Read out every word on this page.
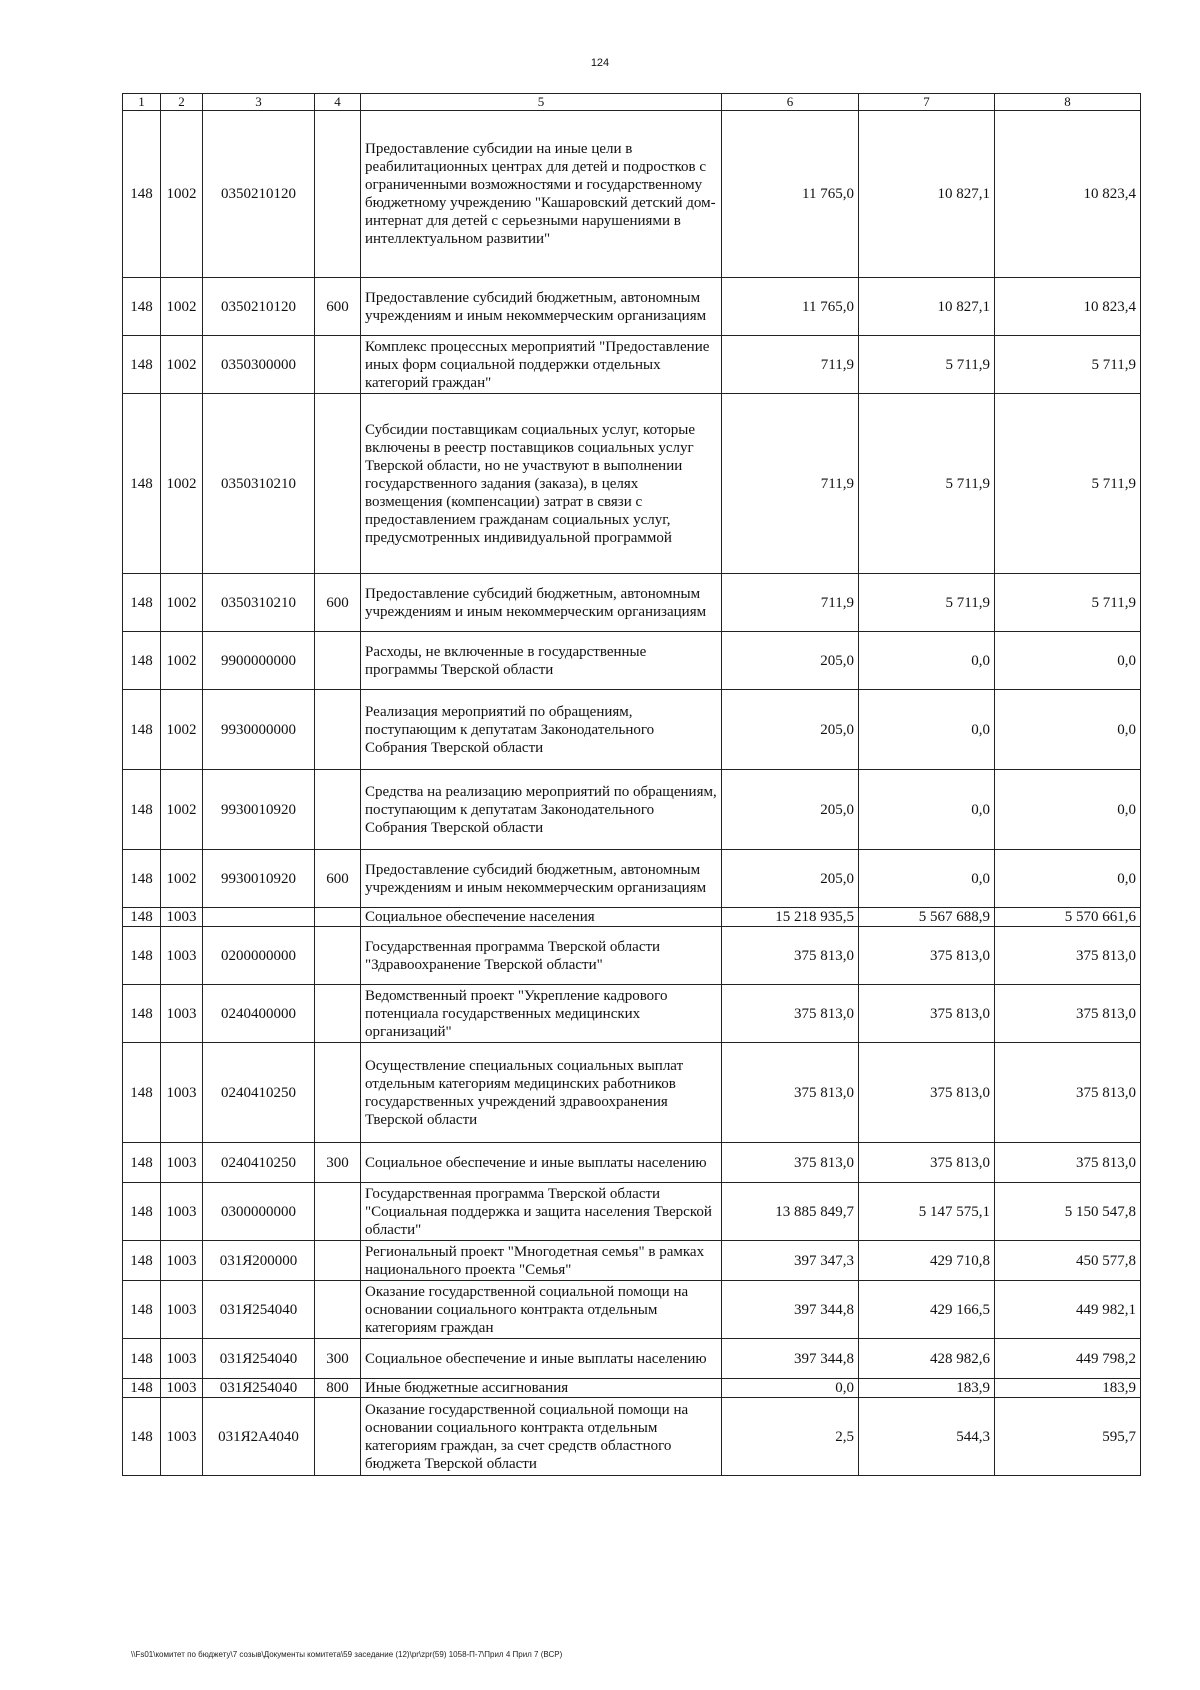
124
1	2	3	4	5	6	7	8
148	1002	0350210120		Предоставление субсидии на иные цели в реабилитационных центрах для детей и подростков с ограниченными возможностями и государственному бюджетному учреждению "Кашаровский детский дом-интернат для детей с серьезными нарушениями в интеллектуальном развитии"	11 765,0	10 827,1	10 823,4
148	1002	0350210120	600	Предоставление субсидий бюджетным, автономным учреждениям и иным некоммерческим организациям	11 765,0	10 827,1	10 823,4
148	1002	0350300000		Комплекс процессных мероприятий "Предоставление иных форм социальной поддержки отдельных категорий граждан"	711,9	5 711,9	5 711,9
148	1002	0350310210		Субсидии поставщикам социальных услуг, которые включены в реестр поставщиков социальных услуг Тверской области, но не участвуют в выполнении государственного задания (заказа), в целях возмещения (компенсации) затрат в связи с предоставлением гражданам социальных услуг, предусмотренных индивидуальной программой	711,9	5 711,9	5 711,9
148	1002	0350310210	600	Предоставление субсидий бюджетным, автономным учреждениям и иным некоммерческим организациям	711,9	5 711,9	5 711,9
148	1002	9900000000		Расходы, не включенные в государственные программы Тверской области	205,0	0,0	0,0
148	1002	9930000000		Реализация мероприятий по обращениям, поступающим к депутатам Законодательного Собрания Тверской области	205,0	0,0	0,0
148	1002	9930010920		Средства на реализацию мероприятий по обращениям, поступающим к депутатам Законодательного Собрания Тверской области	205,0	0,0	0,0
148	1002	9930010920	600	Предоставление субсидий бюджетным, автономным учреждениям и иным некоммерческим организациям	205,0	0,0	0,0
148	1003			Социальное обеспечение населения	15 218 935,5	5 567 688,9	5 570 661,6
148	1003	0200000000		Государственная программа Тверской области "Здравоохранение Тверской области"	375 813,0	375 813,0	375 813,0
148	1003	0240400000		Ведомственный проект "Укрепление кадрового потенциала государственных медицинских организаций"	375 813,0	375 813,0	375 813,0
148	1003	0240410250		Осуществление специальных социальных выплат отдельным категориям медицинских работников государственных учреждений здравоохранения Тверской области	375 813,0	375 813,0	375 813,0
148	1003	0240410250	300	Социальное обеспечение и иные выплаты населению	375 813,0	375 813,0	375 813,0
148	1003	0300000000		Государственная программа Тверской области "Социальная поддержка и защита населения Тверской области"	13 885 849,7	5 147 575,1	5 150 547,8
148	1003	031Я200000		Региональный проект "Многодетная семья" в рамках национального проекта "Семья"	397 347,3	429 710,8	450 577,8
148	1003	031Я254040		Оказание государственной социальной помощи на основании социального контракта отдельным категориям граждан	397 344,8	429 166,5	449 982,1
148	1003	031Я254040	300	Социальное обеспечение и иные выплаты населению	397 344,8	428 982,6	449 798,2
148	1003	031Я254040	800	Иные бюджетные ассигнования	0,0	183,9	183,9
148	1003	031Я2А4040		Оказание государственной социальной помощи на основании социального контракта отдельным категориям граждан, за счет средств областного бюджета Тверской области	2,5	544,3	595,7
\\Fs01\комитет по бюджету\7 созыв\Документы комитета\59 заседание (12)\pr\zpr(59) 1058-П-7\Прил 4 Прил 7 (ВСР)
